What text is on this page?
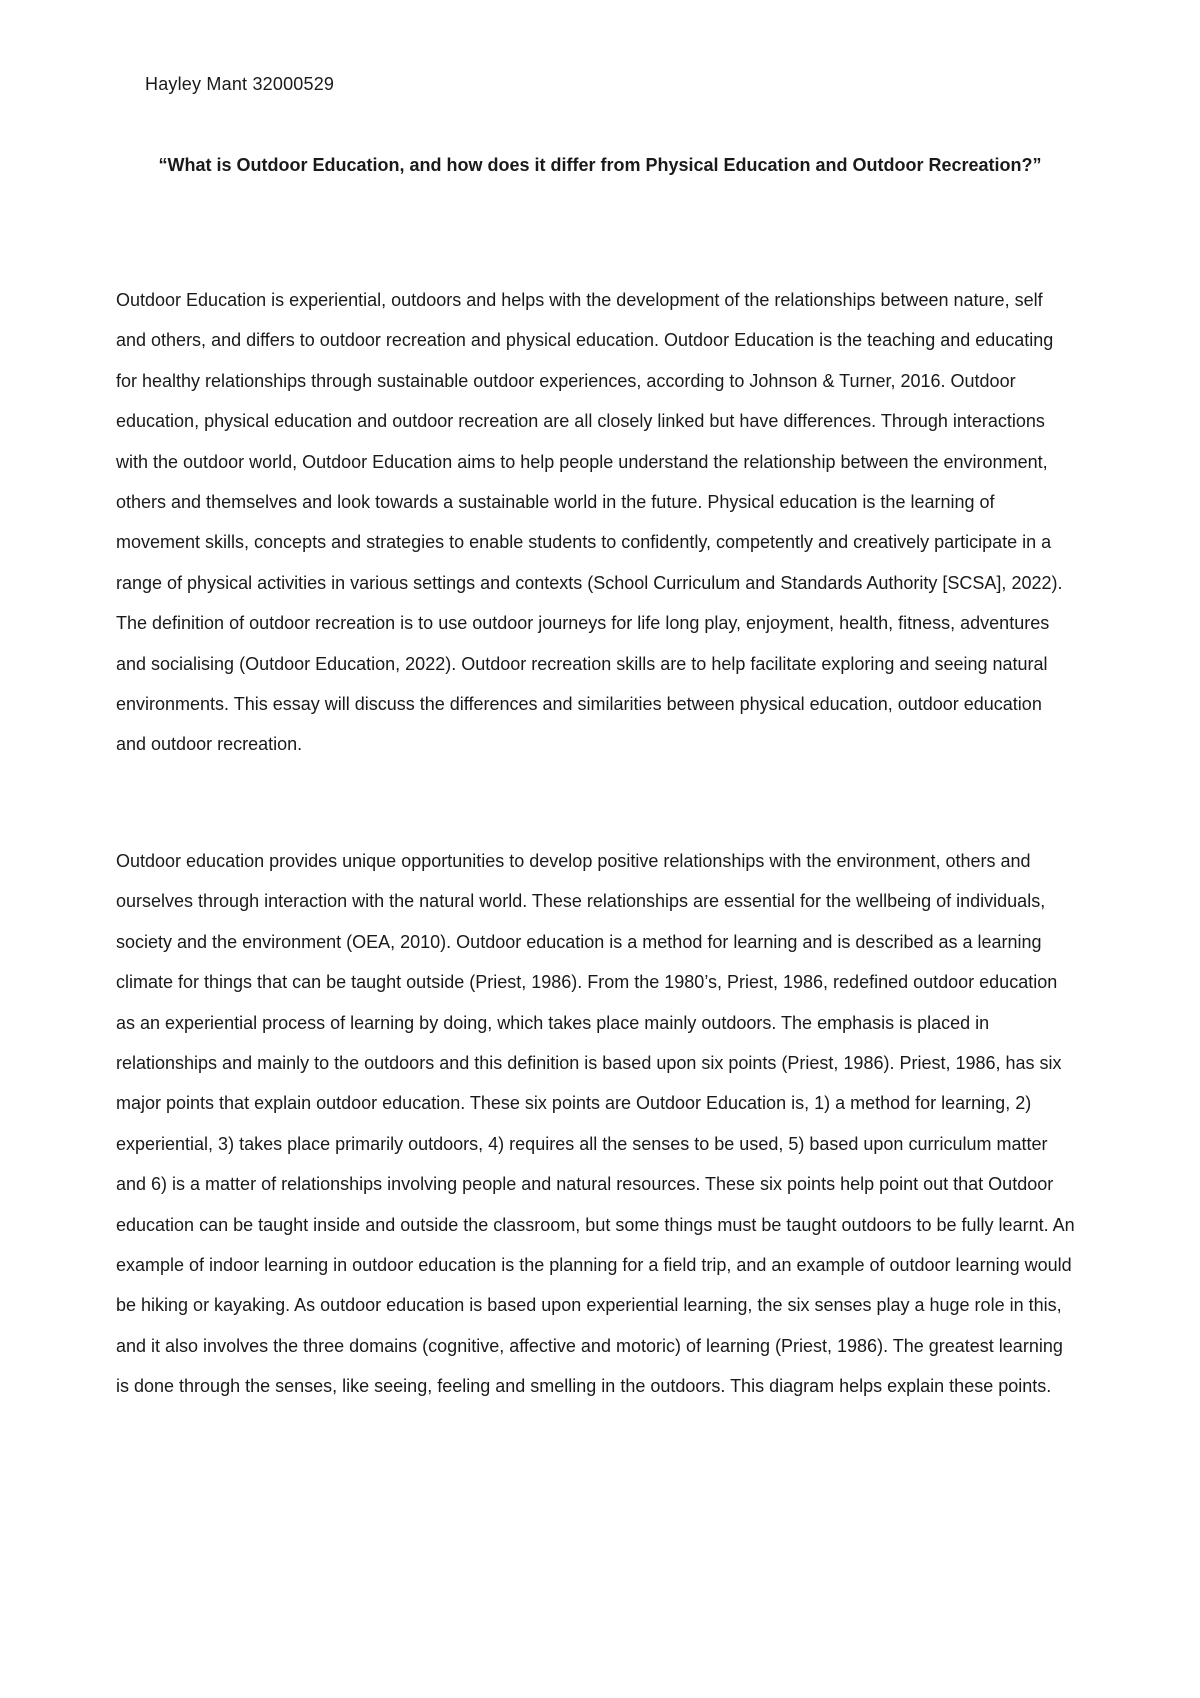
Hayley Mant 32000529
“What is Outdoor Education, and how does it differ from Physical Education and Outdoor Recreation?”
Outdoor Education is experiential, outdoors and helps with the development of the relationships between nature, self and others, and differs to outdoor recreation and physical education. Outdoor Education is the teaching and educating for healthy relationships through sustainable outdoor experiences, according to Johnson & Turner, 2016. Outdoor education, physical education and outdoor recreation are all closely linked but have differences. Through interactions with the outdoor world, Outdoor Education aims to help people understand the relationship between the environment, others and themselves and look towards a sustainable world in the future. Physical education is the learning of movement skills, concepts and strategies to enable students to confidently, competently and creatively participate in a range of physical activities in various settings and contexts (School Curriculum and Standards Authority [SCSA], 2022). The definition of outdoor recreation is to use outdoor journeys for life long play, enjoyment, health, fitness, adventures and socialising (Outdoor Education, 2022). Outdoor recreation skills are to help facilitate exploring and seeing natural environments. This essay will discuss the differences and similarities between physical education, outdoor education and outdoor recreation.
Outdoor education provides unique opportunities to develop positive relationships with the environment, others and ourselves through interaction with the natural world. These relationships are essential for the wellbeing of individuals, society and the environment (OEA, 2010). Outdoor education is a method for learning and is described as a learning climate for things that can be taught outside (Priest, 1986). From the 1980’s, Priest, 1986, redefined outdoor education as an experiential process of learning by doing, which takes place mainly outdoors. The emphasis is placed in relationships and mainly to the outdoors and this definition is based upon six points (Priest, 1986). Priest, 1986, has six major points that explain outdoor education. These six points are Outdoor Education is, 1) a method for learning, 2) experiential, 3) takes place primarily outdoors, 4) requires all the senses to be used, 5) based upon curriculum matter and 6) is a matter of relationships involving people and natural resources. These six points help point out that Outdoor education can be taught inside and outside the classroom, but some things must be taught outdoors to be fully learnt. An example of indoor learning in outdoor education is the planning for a field trip, and an example of outdoor learning would be hiking or kayaking. As outdoor education is based upon experiential learning, the six senses play a huge role in this, and it also involves the three domains (cognitive, affective and motoric) of learning (Priest, 1986). The greatest learning is done through the senses, like seeing, feeling and smelling in the outdoors. This diagram helps explain these points.
